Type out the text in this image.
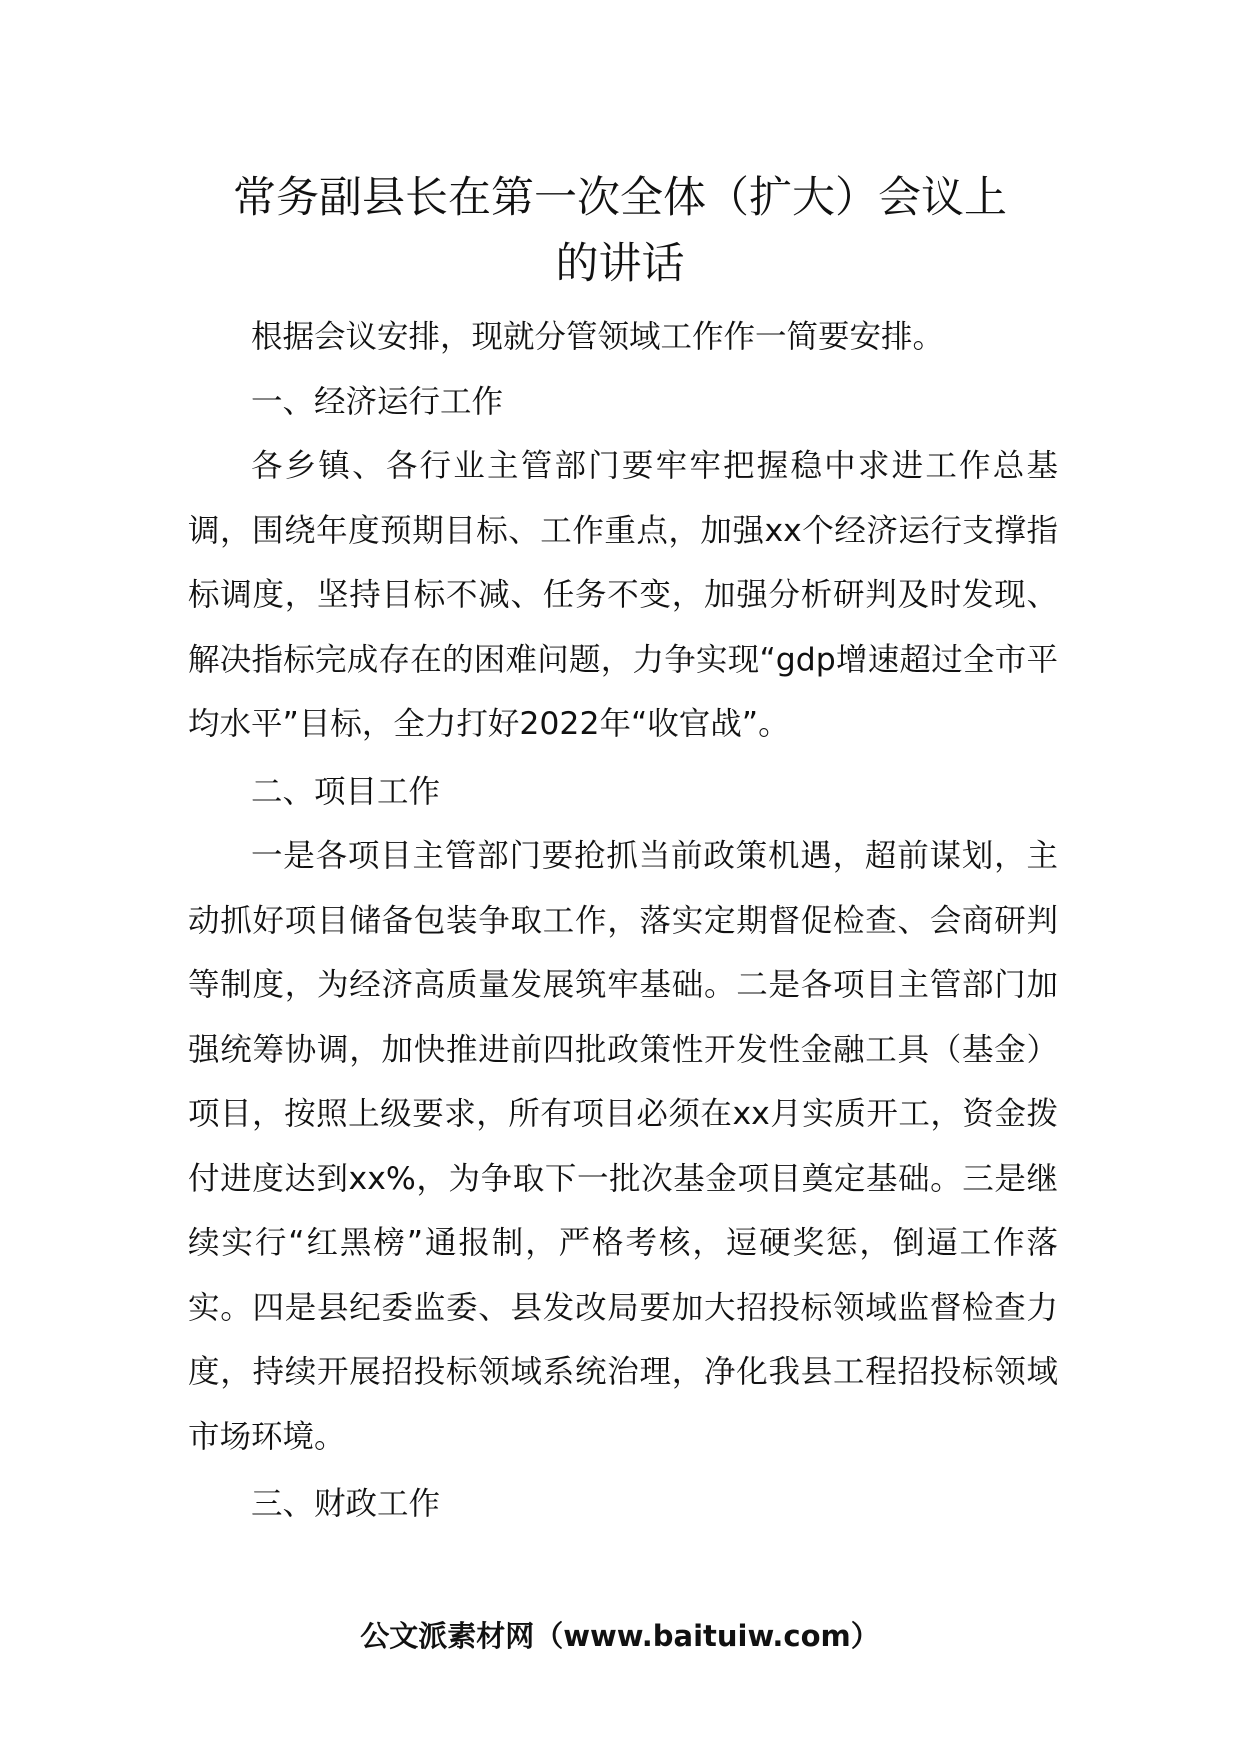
常务副县长在第一次全体（扩大）会议上
的讲话

根据会议安排，现就分管领域工作作一简要安排。

一、经济运行工作

各乡镇、各行业主管部门要牢牢把握稳中求进工作总基调，围绕年度预期目标、工作重点，加强xx个经济运行支撑指标调度，坚持目标不减、任务不变，加强分析研判及时发现、解决指标完成存在的困难问题，力争实现“gdp增速超过全市平均水平”目标，全力打好2022年“收官战”。

二、项目工作

一是各项目主管部门要抢抓当前政策机遇，超前谋划，主动抓好项目储备包装争取工作，落实定期督促检查、会商研判等制度，为经济高质量发展筑牢基础。二是各项目主管部门加强统筹协调，加快推进前四批政策性开发性金融工具（基金）项目，按照上级要求，所有项目必须在xx月实质开工，资金拨付进度达到xx%，为争取下一批次基金项目奠定基础。三是继续实行“红黑榜”通报制，严格考核，逗硬奖惩，倒逼工作落实。四是县纪委监委、县发改局要加大招投标领域监督检查力度，持续开展招投标领域系统治理，净化我县工程招投标领域市场环境。

三、财政工作

公文派素材网（www.baituiw.com）
